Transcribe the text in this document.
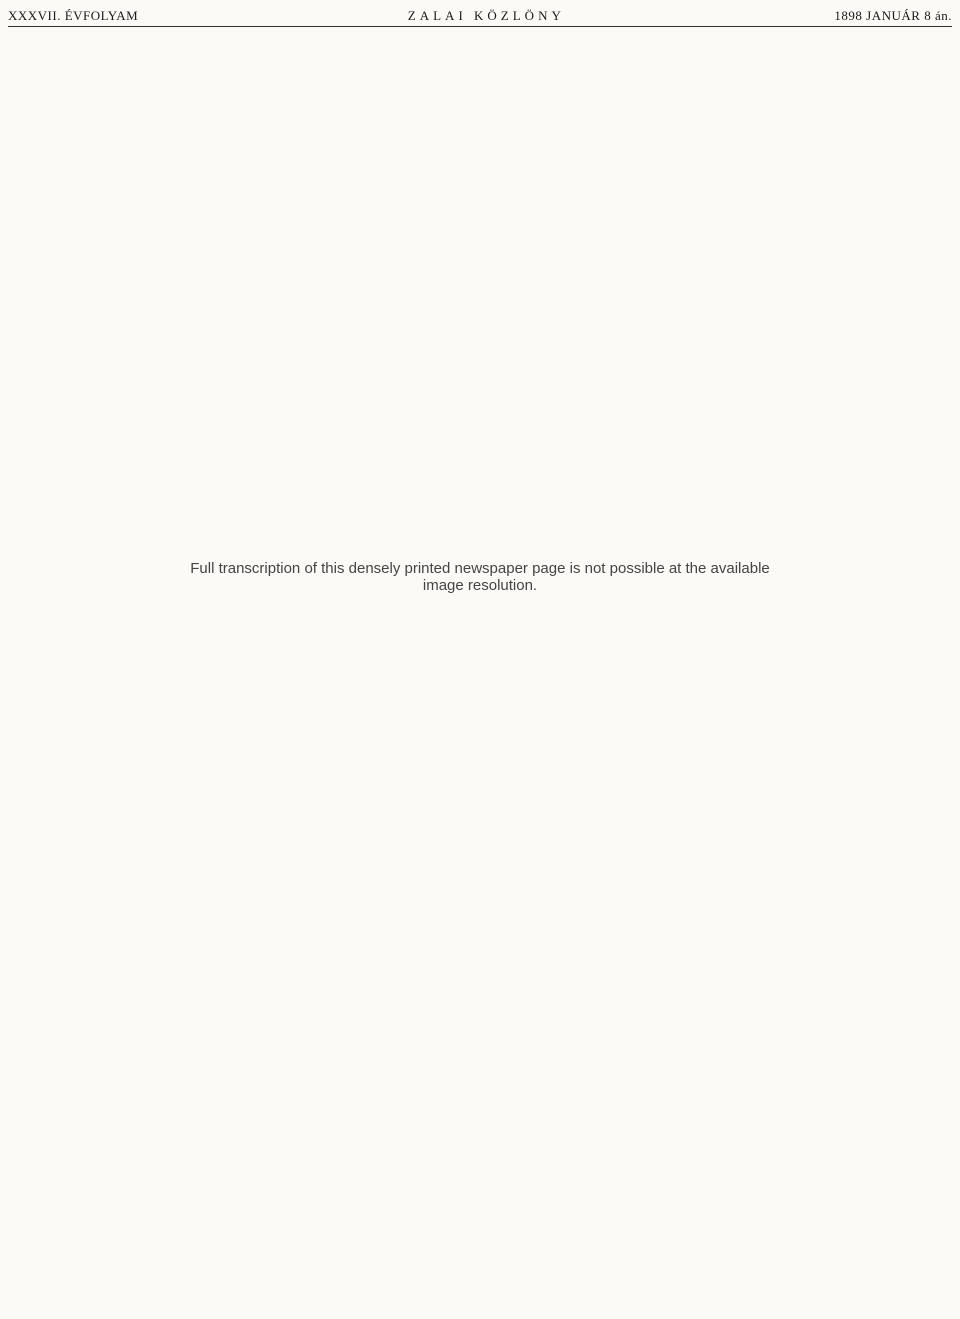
XXXVII. ÉVFOLYAM	ZALAI KÖZLÖNY	1898 JANUÁR 8 án.
Full transcription of this densely printed newspaper page is not possible at the available image resolution.
